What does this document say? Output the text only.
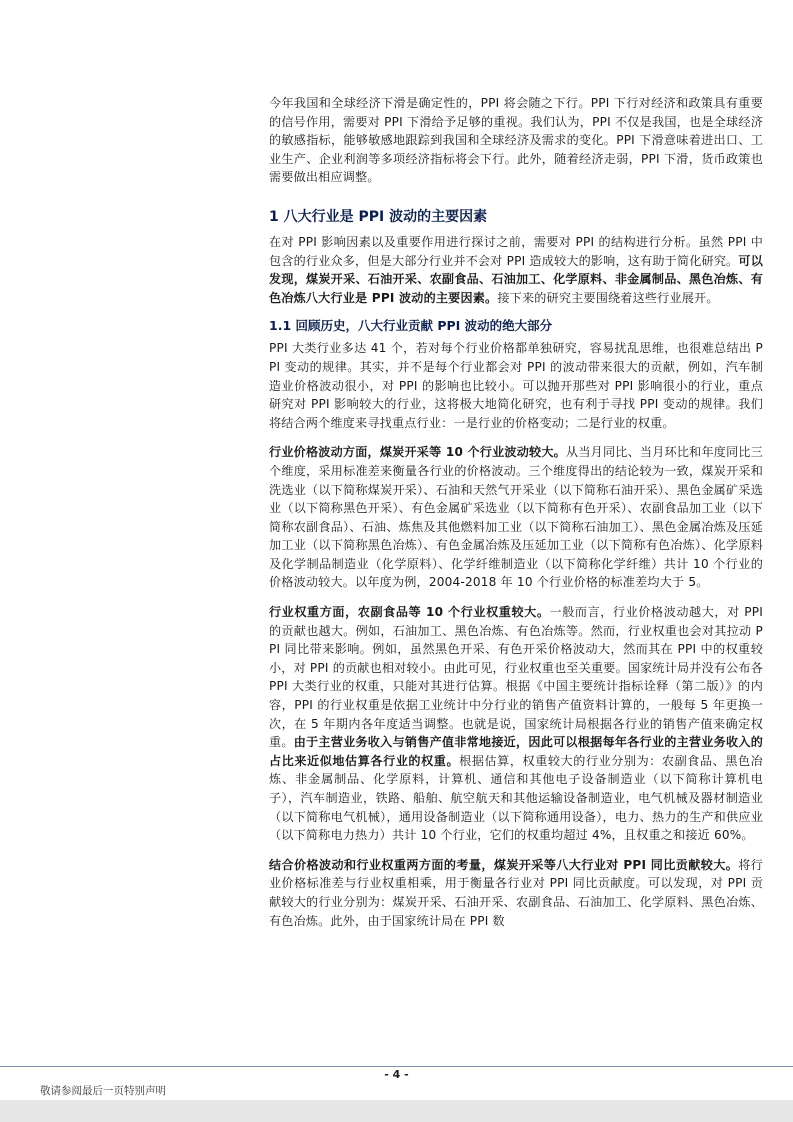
今年我国和全球经济下滑是确定性的，PPI 将会随之下行。PPI 下行对经济和政策具有重要的信号作用，需要对 PPI 下滑给予足够的重视。我们认为，PPI 不仅是我国，也是全球经济的敏感指标，能够敏感地跟踪到我国和全球经济及需求的变化。PPI 下滑意味着进出口、工业生产、企业利润等多项经济指标将会下行。此外，随着经济走弱，PPI 下滑，货币政策也需要做出相应调整。

1 八大行业是 PPI 波动的主要因素

在对 PPI 影响因素以及重要作用进行探讨之前，需要对 PPI 的结构进行分析。虽然 PPI 中包含的行业众多，但是大部分行业并不会对 PPI 造成较大的影响，这有助于简化研究。可以发现，煤炭开采、石油开采、农副食品、石油加工、化学原料、非金属制品、黑色冶炼、有色冶炼八大行业是 PPI 波动的主要因素。接下来的研究主要围绕着这些行业展开。

1.1 回顾历史，八大行业贡献 PPI 波动的绝大部分

PPI 大类行业多达 41 个，若对每个行业价格都单独研究，容易扰乱思维，也很难总结出 PPI 变动的规律。其实，并不是每个行业都会对 PPI 的波动带来很大的贡献，例如，汽车制造业价格波动很小，对 PPI 的影响也比较小。可以抛开那些对 PPI 影响很小的行业，重点研究对 PPI 影响较大的行业，这将极大地简化研究，也有利于寻找 PPI 变动的规律。我们将结合两个维度来寻找重点行业：一是行业的价格变动；二是行业的权重。

行业价格波动方面，煤炭开采等 10 个行业波动较大。从当月同比、当月环比和年度同比三个维度，采用标准差来衡量各行业的价格波动。三个维度得出的结论较为一致，煤炭开采和洗选业（以下简称煤炭开采）、石油和天然气开采业（以下简称石油开采）、黑色金属矿采选业（以下简称黑色开采）、有色金属矿采选业（以下简称有色开采）、农副食品加工业（以下简称农副食品）、石油、炼焦及其他燃料加工业（以下简称石油加工）、黑色金属冶炼及压延加工业（以下简称黑色冶炼）、有色金属冶炼及压延加工业（以下简称有色冶炼）、化学原料及化学制品制造业（化学原料）、化学纤维制造业（以下简称化学纤维）共计 10 个行业的价格波动较大。以年度为例，2004-2018 年 10 个行业价格的标准差均大于 5。

行业权重方面，农副食品等 10 个行业权重较大。一般而言，行业价格波动越大，对 PPI 的贡献也越大。例如，石油加工、黑色冶炼、有色冶炼等。然而，行业权重也会对其拉动 PPI 同比带来影响。例如，虽然黑色开采、有色开采价格波动大，然而其在 PPI 中的权重较小，对 PPI 的贡献也相对较小。由此可见，行业权重也至关重要。国家统计局并没有公布各 PPI 大类行业的权重，只能对其进行估算。根据《中国主要统计指标诠释（第二版）》的内容，PPI 的行业权重是依据工业统计中分行业的销售产值资料计算的，一般每 5 年更换一次，在 5 年期内各年度适当调整。也就是说，国家统计局根据各行业的销售产值来确定权重。由于主营业务收入与销售产值非常地接近，因此可以根据每年各行业的主营业务收入的占比来近似地估算各行业的权重。根据估算，权重较大的行业分别为：农副食品、黑色冶炼、非金属制品、化学原料，计算机、通信和其他电子设备制造业（以下简称计算机电子），汽车制造业，铁路、船舶、航空航天和其他运输设备制造业，电气机械及器材制造业（以下简称电气机械），通用设备制造业（以下简称通用设备），电力、热力的生产和供应业（以下简称电力热力）共计 10 个行业，它们的权重均超过 4%，且权重之和接近 60%。

结合价格波动和行业权重两方面的考量，煤炭开采等八大行业对 PPI 同比贡献较大。将行业价格标准差与行业权重相乘，用于衡量各行业对 PPI 同比贡献度。可以发现，对 PPI 贡献较大的行业分别为：煤炭开采、石油开采、农副食品、石油加工、化学原料、黑色冶炼、有色冶炼。此外，由于国家统计局在 PPI 数

- 4 -
敬请参阅最后一页特别声明
